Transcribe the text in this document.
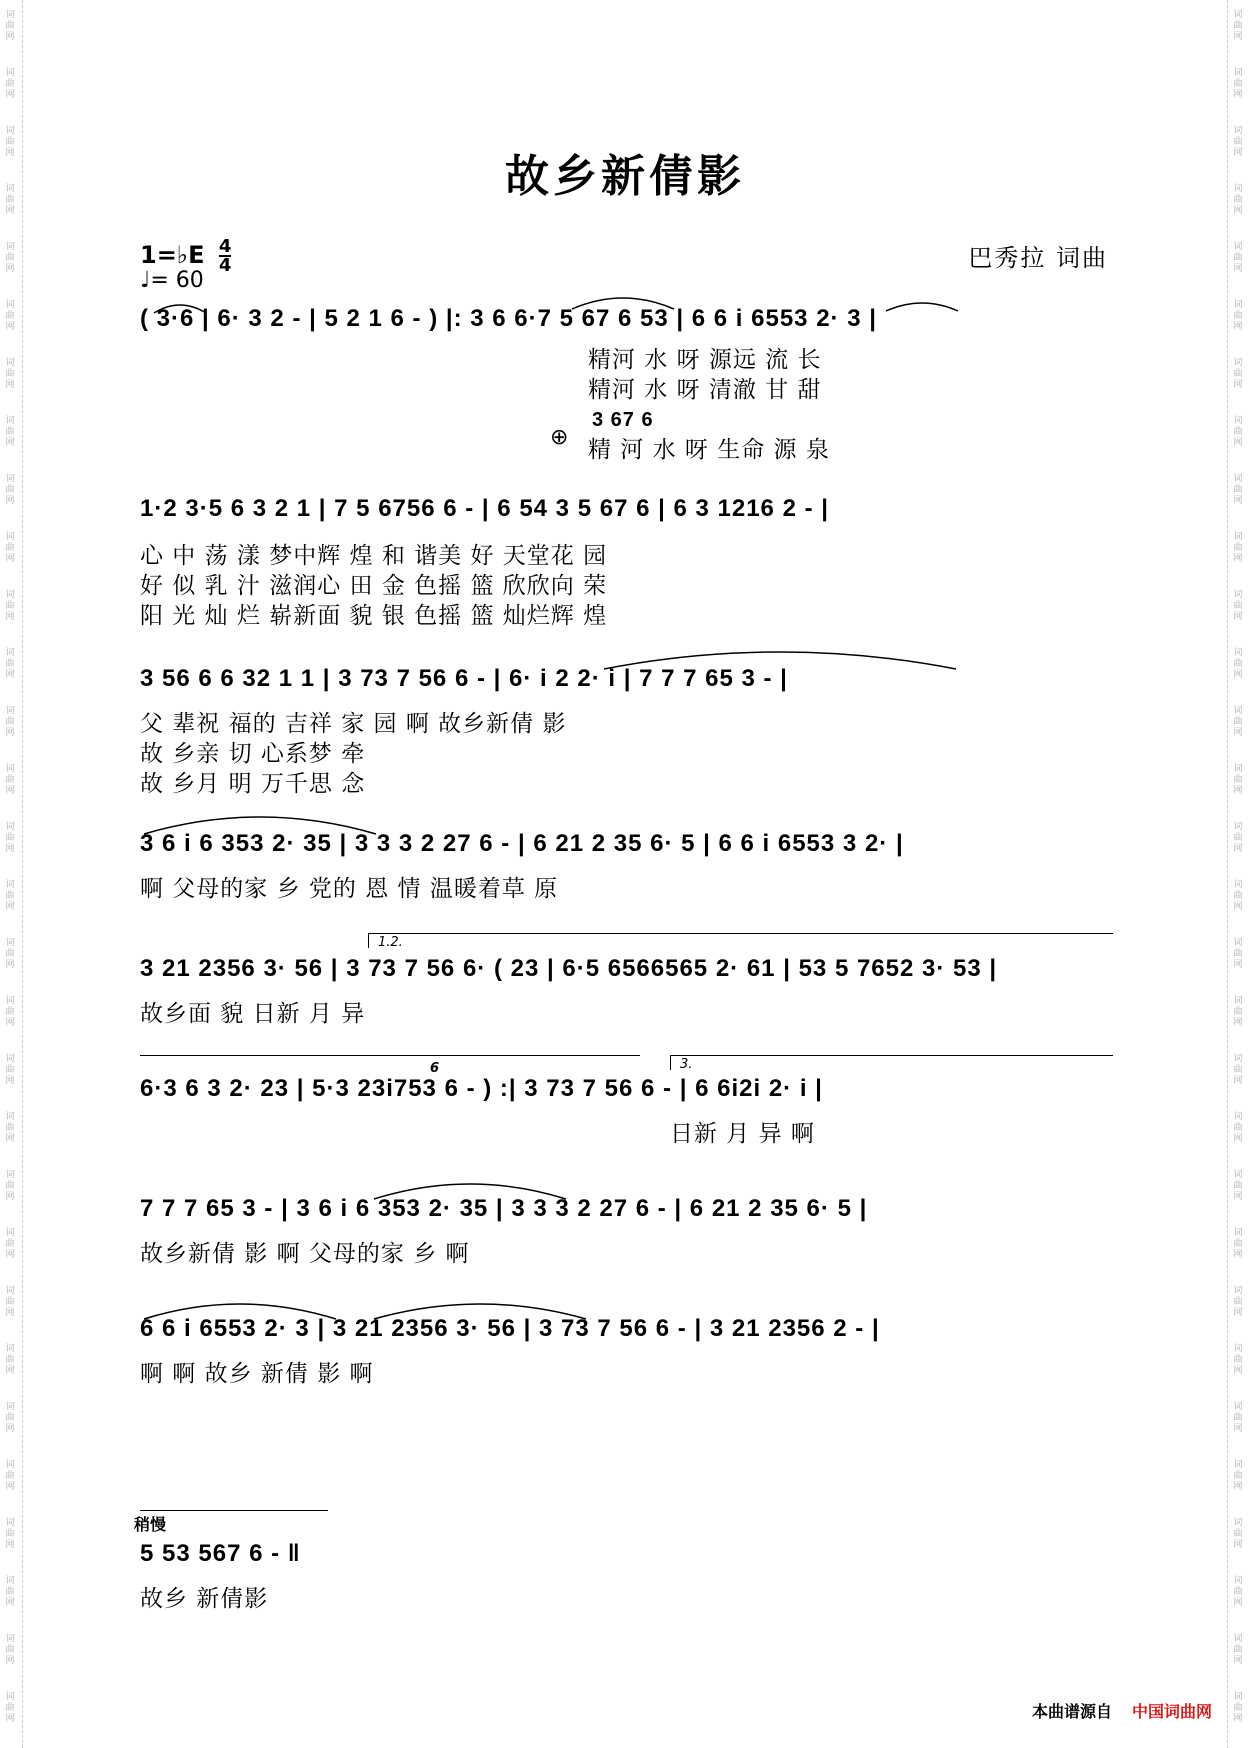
词
曲
网
词
曲
网
词
曲
网
词
曲
网
词
曲
网
词
曲
网
词
曲
网
词
曲
网
词
曲
网
词
曲
网
词
曲
网
词
曲
网
词
曲
网
词
曲
网
词
曲
网
词
曲
网
词
曲
网
词
曲
网
词
曲
网
词
曲
网
词
曲
网
词
曲
网
词
曲
网
词
曲
网
词
曲
网
词
曲
网
词
曲
网
词
曲
网
词
曲
网
词
曲
网
词
曲
网
词
曲
网
词
曲
网
词
曲
网
词
曲
网
词
曲
网
词
曲
网
词
曲
网
词
曲
网
词
曲
网
词
曲
网
词
曲
网
词
曲
网
词
曲
网
词
曲
网
词
曲
网
词
曲
网
词
曲
网
词
曲
网
词
曲
网
词
曲
网
词
曲
网
词
曲
网
词
曲
网
词
曲
网
词
曲
网
词
曲
网
词
曲
网
词
曲
网
词
曲
网
故乡新倩影
1=♭E $\frac{4}{4}$
♩= 60
巴秀拉 词曲
( 3·6 | 6· 3 2 - | 5 2 1 6 - ) |: 3 6 6·7 5 67 6 53 | 6 6 i 6553 2· 3 |
精河 水 呀 源远 流 长
精河 水 呀 清澈 甘 甜
3 67 6
⊕ 精 河 水 呀 生命 源 泉
1·2 3·5 6 3 2 1 | 7 5 6756 6 - | 6 54 3 5 67 6 | 6 3 1216 2 - |
心 中 荡 漾 梦中辉 煌 和 谐美 好 天堂花 园
好 似 乳 汁 滋润心 田 金 色摇 篮 欣欣向 荣
阳 光 灿 烂 崭新面 貌 银 色摇 篮 灿烂辉 煌
3 56 6 6 32 1 1 | 3 73 7 56 6 - | 6· i 2 2· i | 7 7 7 65 3 - |
父 辈祝 福的 吉祥 家 园 啊 故乡新倩 影
故 乡亲 切 心系梦 牵
故 乡月 明 万千思 念
3 6 i 6 353 2· 35 | 3 3 3 2 27 6 - | 6 21 2 35 6· 5 | 6 6 i 6553 3 2· |
啊 父母的家 乡 党的 恩 情 温暖着草 原
1.2.
3 21 2356 3· 56 | 3 73 7 56 6· ( 23 | 6·5 6566565 2· 61 | 53 5 7652 3· 53 |
故乡面 貌 日新 月 异
3.
6
6·3 6 3 2· 23 | 5·3 23i753 6 - ) :| 3 73 7 56 6 - | 6 6i2i 2· i |
日新 月 异 啊
7 7 7 65 3 - | 3 6 i 6 353 2· 35 | 3 3 3 2 27 6 - | 6 21 2 35 6· 5 |
故乡新倩 影 啊 父母的家 乡 啊
6 6 i 6553 2· 3 | 3 21 2356 3· 56 | 3 73 7 56 6 - | 3 21 2356 2 - |
啊 啊 故乡 新倩 影 啊
稍慢
5 53 567 6 - ‖
故乡 新倩影
本曲谱源自 中国词曲网
